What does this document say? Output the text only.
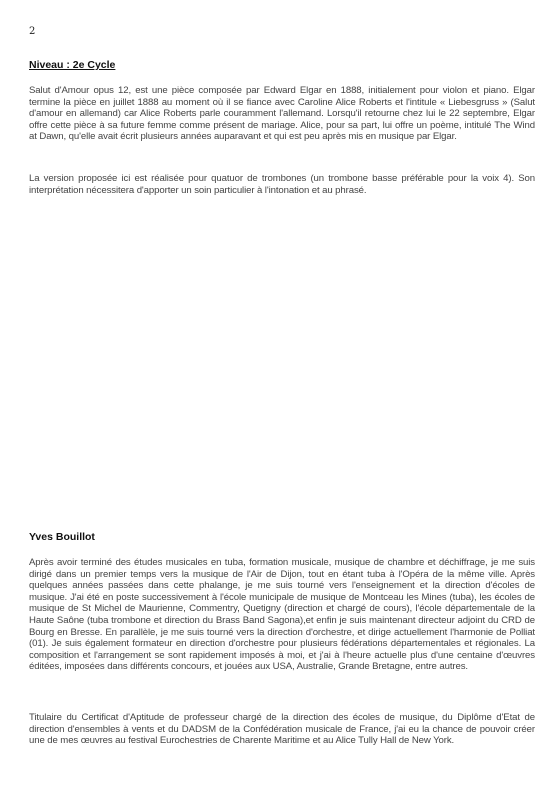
2
Niveau : 2e Cycle

Salut d'Amour opus 12, est une pièce composée par Edward Elgar en 1888, initialement pour violon et piano. Elgar termine la pièce en juillet 1888 au moment où il se fiance avec Caroline Alice Roberts et l'intitule « Liebesgruss » (Salut d'amour en allemand) car Alice Roberts parle couramment l'allemand. Lorsqu'il retourne chez lui le 22 septembre, Elgar offre cette pièce à sa future femme comme présent de mariage. Alice, pour sa part, lui offre un poème, intitulé The Wind at Dawn, qu'elle avait écrit plusieurs années auparavant et qui est peu après mis en musique par Elgar.

La version proposée ici est réalisée pour quatuor de trombones (un trombone basse préférable pour la voix 4). Son interprétation nécessitera d'apporter un soin particulier à l'intonation et au phrasé.

Yves Bouillot

Après avoir terminé des études musicales en tuba, formation musicale, musique de chambre et déchiffrage, je me suis dirigé dans un premier temps vers la musique de l'Air de Dijon, tout en étant tuba à l'Opéra de la même ville. Après quelques années passées dans cette phalange, je me suis tourné vers l'enseignement et la direction d'écoles de musique. J'ai été en poste successivement à l'école municipale de musique de Montceau les Mines (tuba), les écoles de musique de St Michel de Maurienne, Commentry, Quetigny (direction et chargé de cours), l'école départementale de la Haute Saône (tuba trombone et direction du Brass Band Sagona),et enfin je suis maintenant directeur adjoint du CRD de Bourg en Bresse. En parallèle, je me suis tourné vers la direction d'orchestre, et dirige actuellement l'harmonie de Polliat (01). Je suis également formateur en direction d'orchestre pour plusieurs fédérations départementales et régionales. La composition et l'arrangement se sont rapidement imposés à moi, et j'ai à l'heure actuelle plus d'une centaine d'œuvres éditées, imposées dans différents concours, et jouées aux USA, Australie, Grande Bretagne, entre autres.

Titulaire du Certificat d'Aptitude de professeur chargé de la direction des écoles de musique, du Diplôme d'Etat de direction d'ensembles à vents et du DADSM de la Confédération musicale de France, j'ai eu la chance de pouvoir créer une de mes œuvres au festival Eurochestries de Charente Maritime et au Alice Tully Hall de New York.
